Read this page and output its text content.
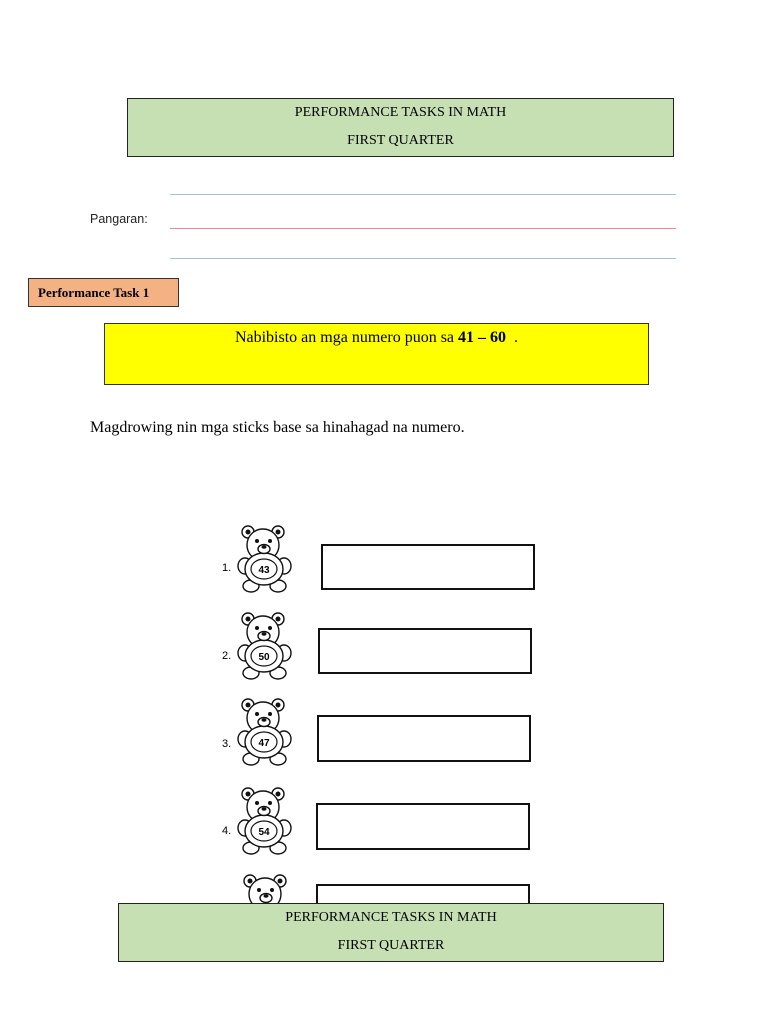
PERFORMANCE TASKS IN MATH
FIRST QUARTER
Pangaran:
Performance Task 1
Nabibisto an mga numero puon sa 41 – 60  .
Magdrowing nin mga sticks base sa hinahagad na numero.
1.	43
2.	50
3.	47
4.	54
PERFORMANCE TASKS IN MATH
FIRST QUARTER
